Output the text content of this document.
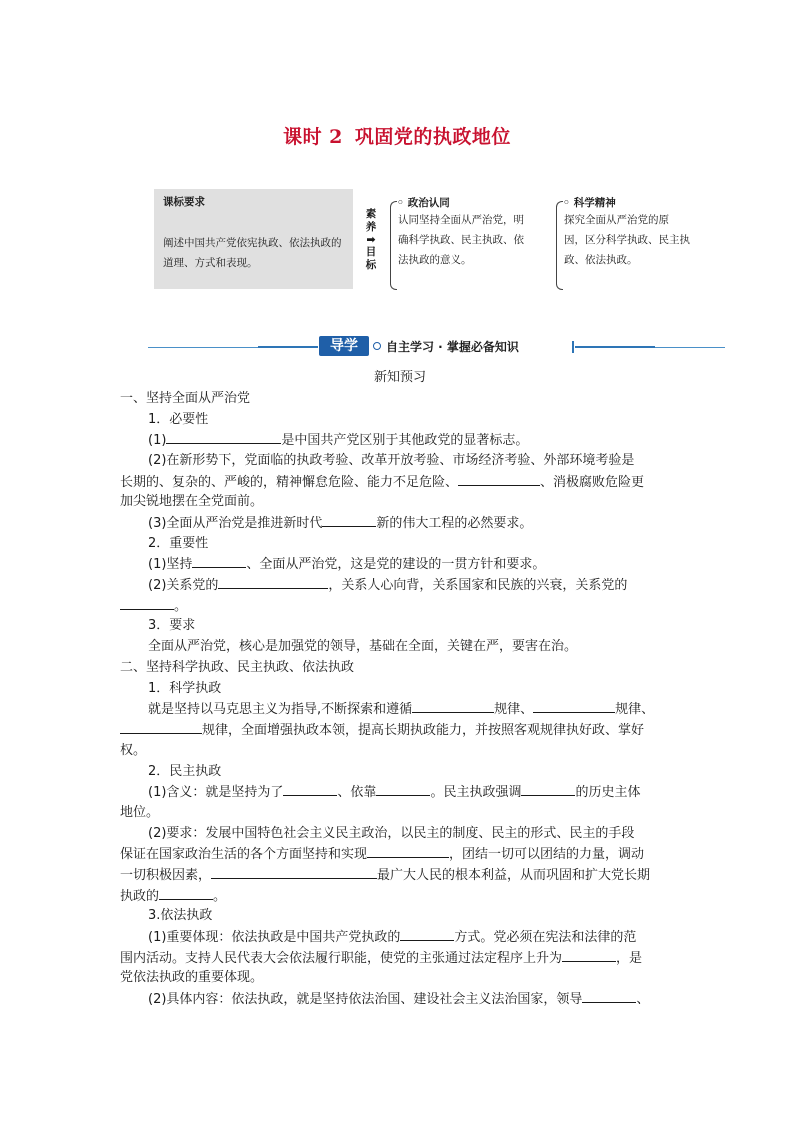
课时 2 巩固党的执政地位
课标要求
阐述中国共产党依宪执政、依法执政的道理、方式和表现。
素养
➡
目标
◦ 政治认同
认同坚持全面从严治党，明
确科学执政、民主执政、依
法执政的意义。
◦ 科学精神
探究全面从严治党的原
因，区分科学执政、民主执
政、依法执政。
导学	自主学习 · 掌握必备知识
新知预习
一、坚持全面从严治党
1．必要性
(1)	是中国共产党区别于其他政党的显著标志。
(2)在新形势下，党面临的执政考验、改革开放考验、市场经济考验、外部环境考验是
长期的、复杂的、严峻的，精神懈怠危险、能力不足危险、	、消极腐败危险更
加尖锐地摆在全党面前。
(3)全面从严治党是推进新时代	新的伟大工程的必然要求。
2．重要性
(1)坚持	、全面从严治党，这是党的建设的一贯方针和要求。
(2)关系党的	，关系人心向背，关系国家和民族的兴衰，关系党的
。
3．要求
全面从严治党，核心是加强党的领导，基础在全面，关键在严，要害在治。
二、坚持科学执政、民主执政、依法执政
1．科学执政
就是坚持以马克思主义为指导,不断探索和遵循	规律、	规律、
规律，全面增强执政本领，提高长期执政能力，并按照客观规律执好政、掌好
权。
2．民主执政
(1)含义：就是坚持为了	、依靠	。民主执政强调	的历史主体
地位。
(2)要求：发展中国特色社会主义民主政治，以民主的制度、民主的形式、民主的手段
保证在国家政治生活的各个方面坚持和实现	，团结一切可以团结的力量，调动
一切积极因素，	最广大人民的根本利益，从而巩固和扩大党长期
执政的	。
3.依法执政
(1)重要体现：依法执政是中国共产党执政的	方式。党必须在宪法和法律的范
围内活动。支持人民代表大会依法履行职能，使党的主张通过法定程序上升为	，是
党依法执政的重要体现。
(2)具体内容：依法执政，就是坚持依法治国、建设社会主义法治国家，领导	、
